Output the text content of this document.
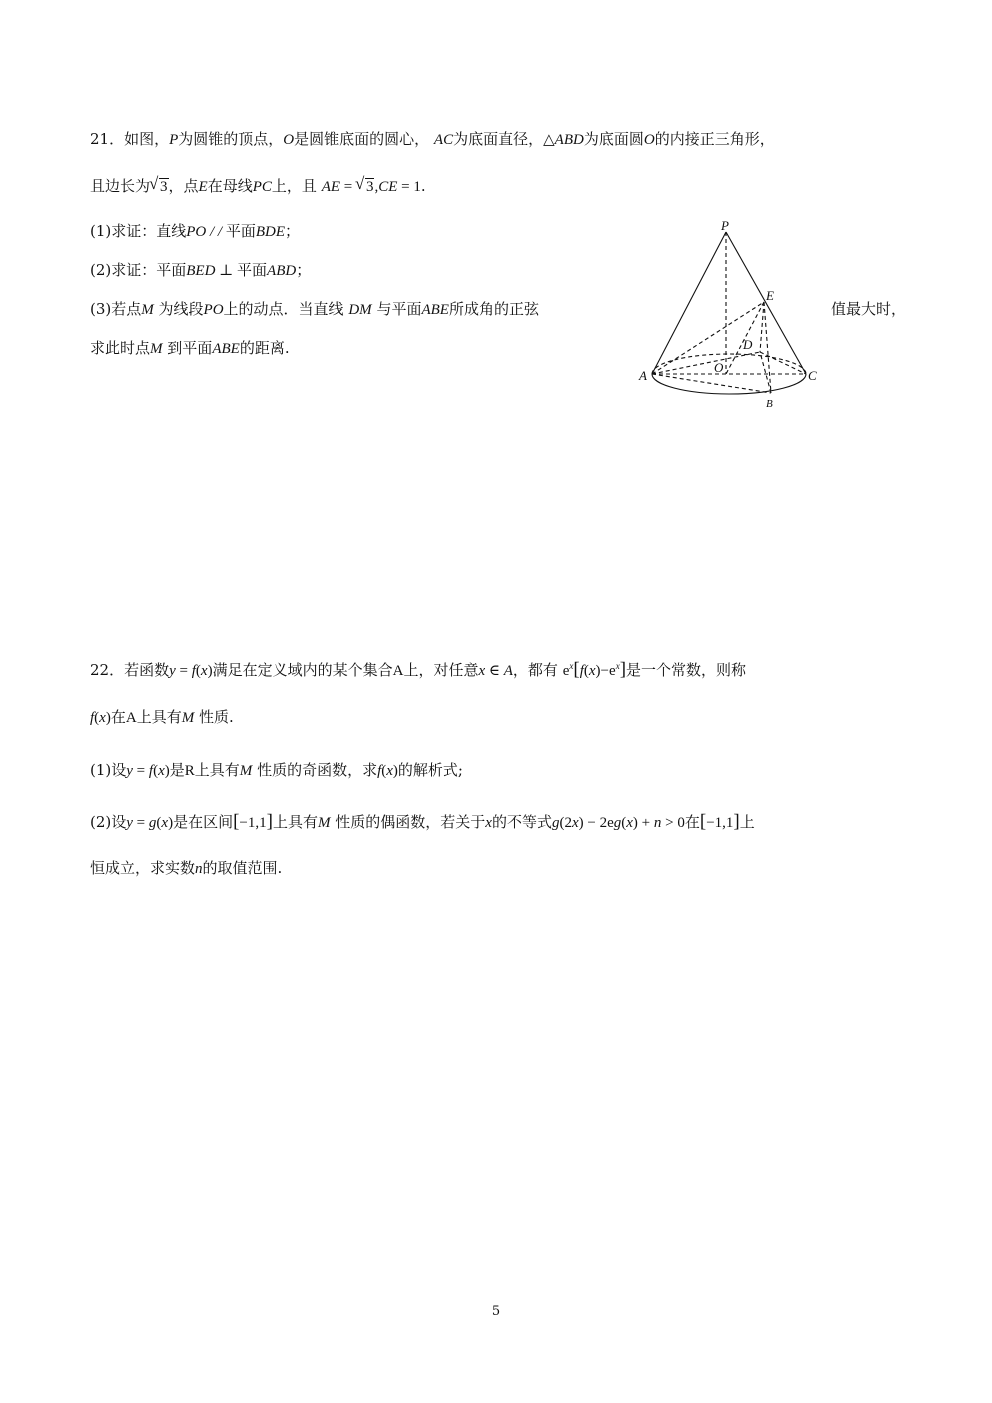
21．如图，P为圆锥的顶点，O是圆锥底面的圆心， AC为底面直径，△ABD为底面圆O的内接正三角形，
且边长为√ 3，点E在母线PC上，且 AE = √ 3,CE = 1.
(1)求证：直线PO / / 平面BDE；
(2)求证：平面BED ⊥ 平面ABD；
(3)若点M 为线段PO上的动点．当直线 DM 与平面ABE所成角的正弦	值最大时，
求此时点M 到平面ABE的距离.
P
E
D
O
A	C
B
22．若函数y = f(x)满足在定义域内的某个集合A上，对任意x ∈ A，都有 $e^x[f(x)-e^x]$是一个常数，则称
f(x)在A上具有M 性质.
(1)设y = f(x)是R上具有M 性质的奇函数，求f(x)的解析式;
(2)设y = g(x)是在区间[−1,1]上具有M 性质的偶函数，若关于x的不等式g(2x) − 2eg(x) + n > 0在[−1,1]上
恒成立，求实数n的取值范围.
5
